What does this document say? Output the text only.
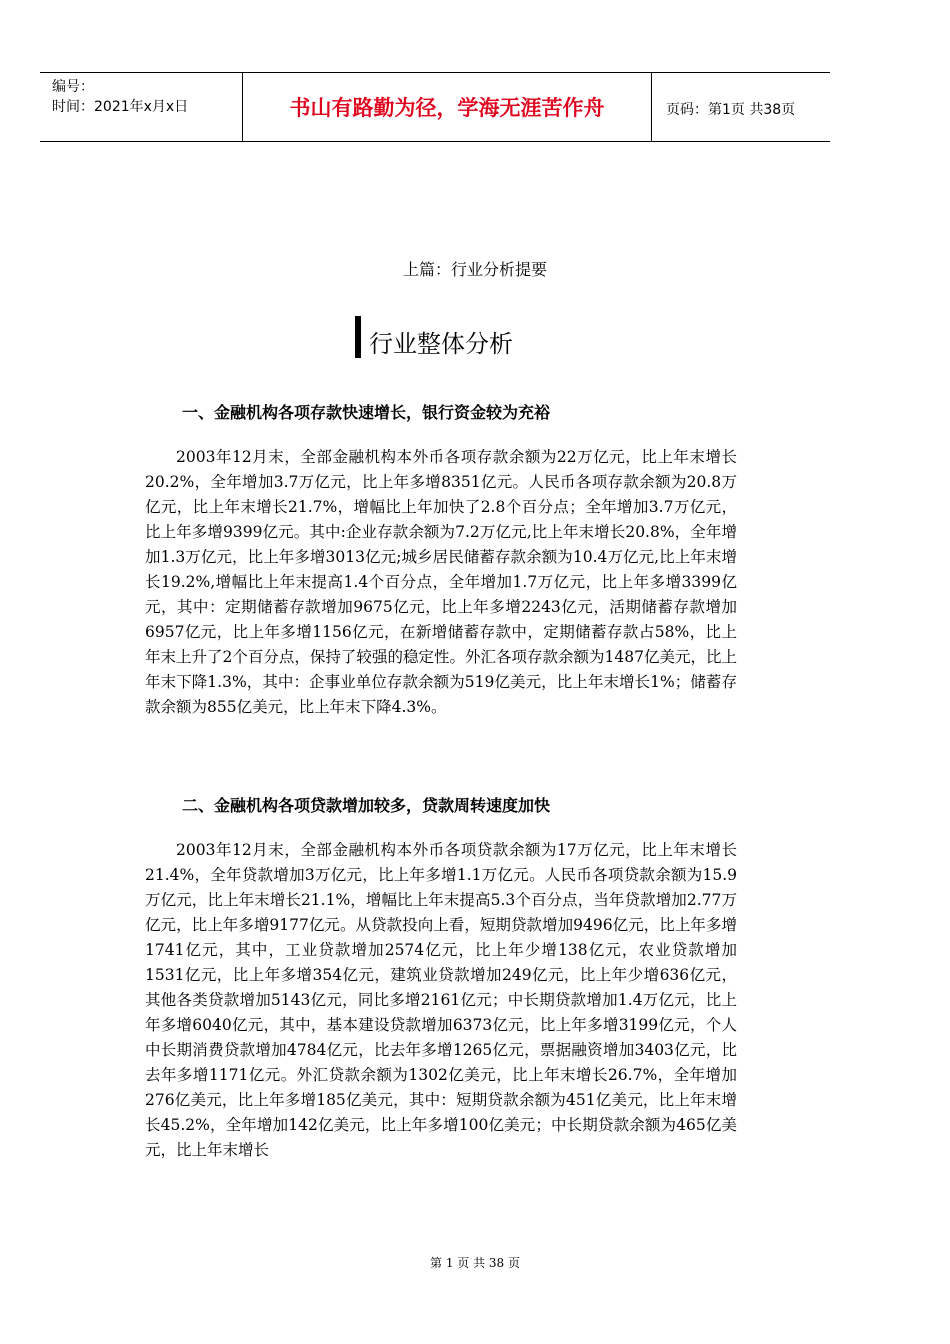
编号：
时间：2021年x月x日	书山有路勤为径，学海无涯苦作舟	页码：第1页 共38页
上篇：行业分析提要
行业整体分析
一、金融机构各项存款快速增长，银行资金较为充裕
2003年12月末，全部金融机构本外币各项存款余额为22万亿元，比上年末增长20.2%，全年增加3.7万亿元，比上年多增8351亿元。人民币各项存款余额为20.8万亿元，比上年末增长21.7%，增幅比上年加快了2.8个百分点；全年增加3.7万亿元，比上年多增9399亿元。其中:企业存款余额为7.2万亿元,比上年末增长20.8%，全年增加1.3万亿元，比上年多增3013亿元;城乡居民储蓄存款余额为10.4万亿元,比上年末增长19.2%,增幅比上年末提高1.4个百分点，全年增加1.7万亿元，比上年多增3399亿元，其中：定期储蓄存款增加9675亿元，比上年多增2243亿元，活期储蓄存款增加6957亿元，比上年多增1156亿元，在新增储蓄存款中，定期储蓄存款占58%，比上年末上升了2个百分点，保持了较强的稳定性。外汇各项存款余额为1487亿美元，比上年末下降1.3%，其中：企事业单位存款余额为519亿美元，比上年末增长1%；储蓄存款余额为855亿美元，比上年末下降4.3%。
二、金融机构各项贷款增加较多，贷款周转速度加快
2003年12月末，全部金融机构本外币各项贷款余额为17万亿元，比上年末增长21.4%，全年贷款增加3万亿元，比上年多增1.1万亿元。人民币各项贷款余额为15.9万亿元，比上年末增长21.1%，增幅比上年末提高5.3个百分点，当年贷款增加2.77万亿元，比上年多增9177亿元。从贷款投向上看，短期贷款增加9496亿元，比上年多增1741亿元，其中，工业贷款增加2574亿元，比上年少增138亿元，农业贷款增加1531亿元，比上年多增354亿元，建筑业贷款增加249亿元，比上年少增636亿元，其他各类贷款增加5143亿元，同比多增2161亿元；中长期贷款增加1.4万亿元，比上年多增6040亿元，其中，基本建设贷款增加6373亿元，比上年多增3199亿元，个人中长期消费贷款增加4784亿元，比去年多增1265亿元，票据融资增加3403亿元，比去年多增1171亿元。外汇贷款余额为1302亿美元，比上年末增长26.7%，全年增加276亿美元，比上年多增185亿美元，其中：短期贷款余额为451亿美元，比上年末增长45.2%，全年增加142亿美元，比上年多增100亿美元；中长期贷款余额为465亿美元，比上年末增长
第 1 页 共 38 页
